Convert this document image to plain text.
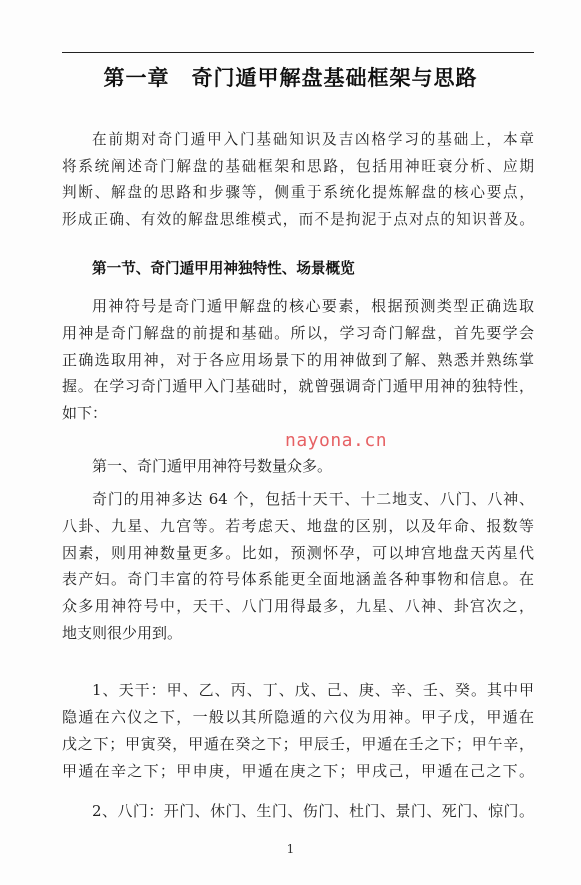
第一章　奇门遁甲解盘基础框架与思路
在前期对奇门遁甲入门基础知识及吉凶格学习的基础上，本章
将系统阐述奇门解盘的基础框架和思路，包括用神旺衰分析、应期
判断、解盘的思路和步骤等，侧重于系统化提炼解盘的核心要点，
形成正确、有效的解盘思维模式，而不是拘泥于点对点的知识普及。
第一节、奇门遁甲用神独特性、场景概览
用神符号是奇门遁甲解盘的核心要素，根据预测类型正确选取
用神是奇门解盘的前提和基础。所以，学习奇门解盘，首先要学会
正确选取用神，对于各应用场景下的用神做到了解、熟悉并熟练掌
握。在学习奇门遁甲入门基础时，就曾强调奇门遁甲用神的独特性，
如下：
第一、奇门遁甲用神符号数量众多。
奇门的用神多达 64 个，包括十天干、十二地支、八门、八神、
八卦、九星、九宫等。若考虑天、地盘的区别，以及年命、报数等
因素，则用神数量更多。比如，预测怀孕，可以坤宫地盘天芮星代
表产妇。奇门丰富的符号体系能更全面地涵盖各种事物和信息。在
众多用神符号中，天干、八门用得最多，九星、八神、卦宫次之，
地支则很少用到。
1、天干：甲、乙、丙、丁、戊、己、庚、辛、壬、癸。其中甲
隐遁在六仪之下，一般以其所隐遁的六仪为用神。甲子戊，甲遁在
戊之下；甲寅癸，甲遁在癸之下；甲辰壬，甲遁在壬之下；甲午辛，
甲遁在辛之下；甲申庚，甲遁在庚之下；甲戌己，甲遁在己之下。
2、八门：开门、休门、生门、伤门、杜门、景门、死门、惊门。
nayona.cn
1
